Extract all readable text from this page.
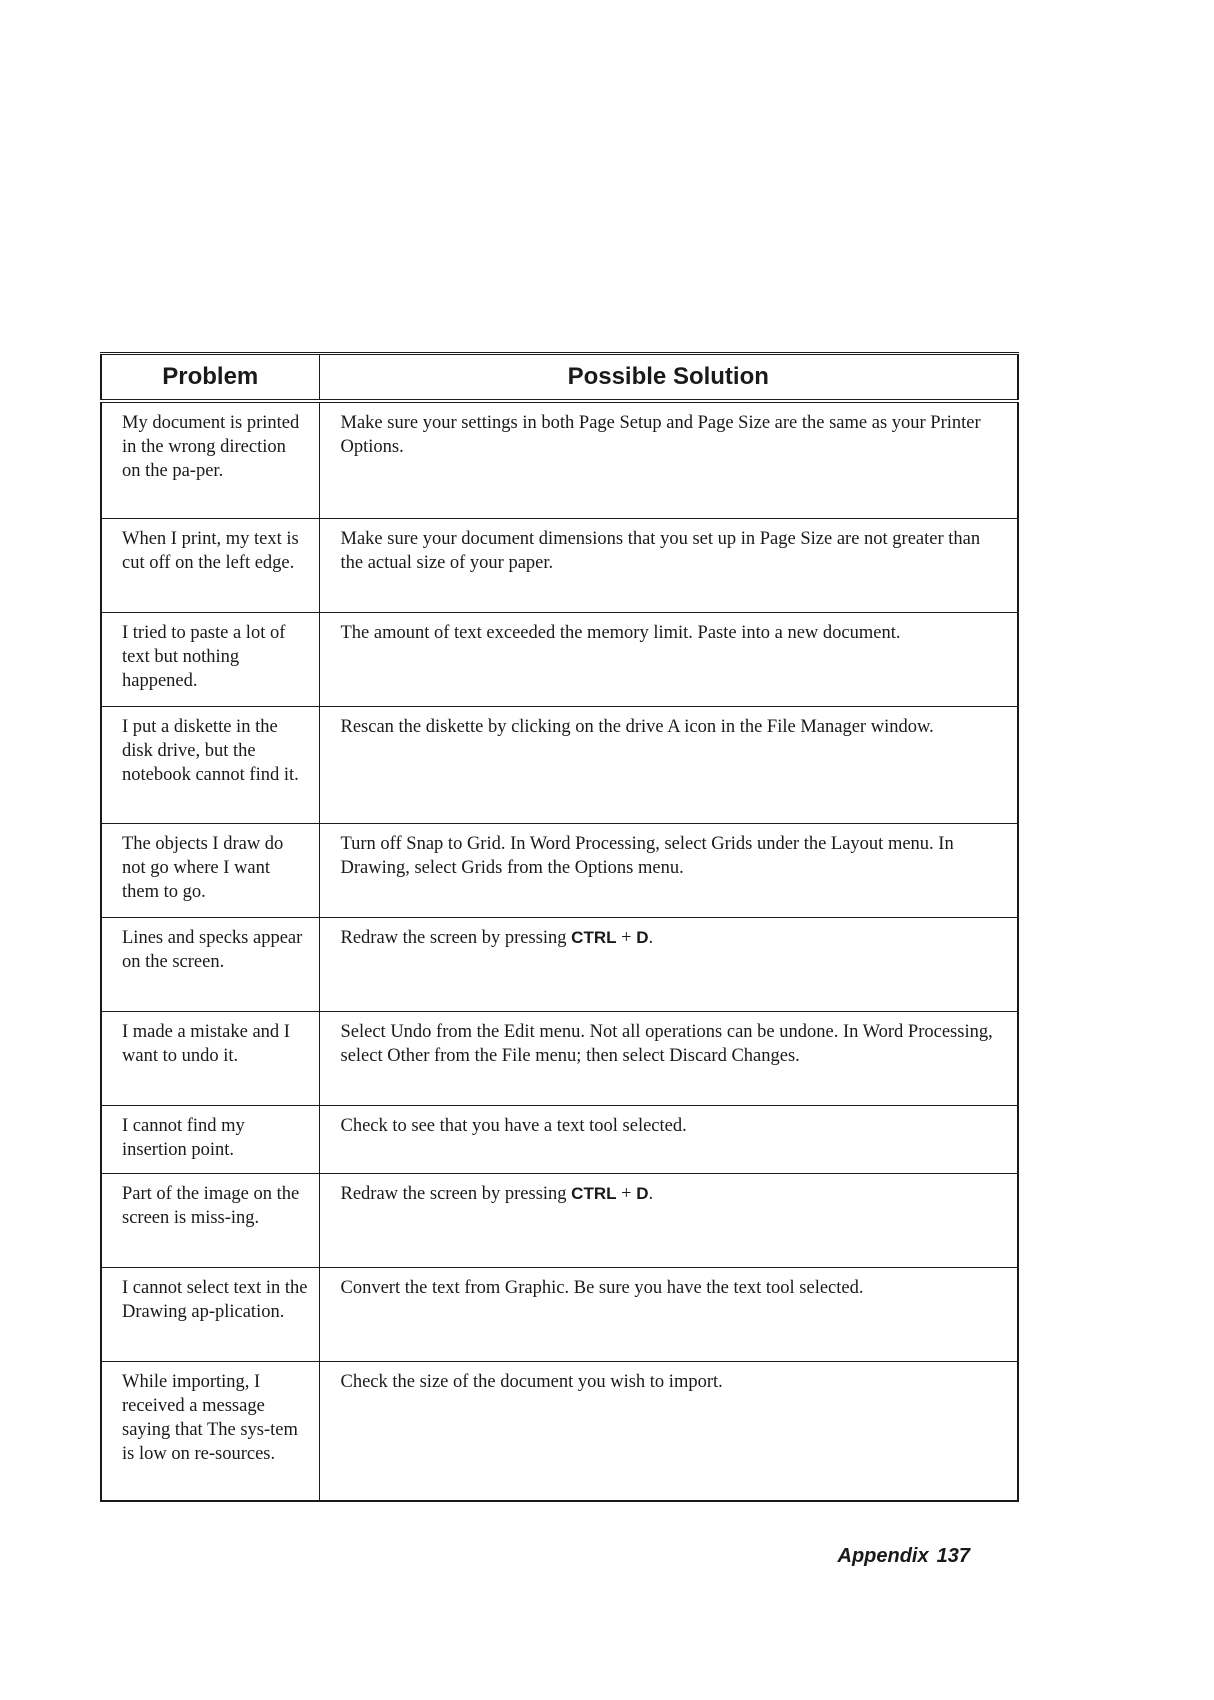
Problem	Possible Solution
My document is printed in the wrong direction on the pa-per.	Make sure your settings in both Page Setup and Page Size are the same as your Printer Options.
When I print, my text is cut off on the left edge.	Make sure your document dimensions that you set up in Page Size are not greater than the actual size of your paper.
I tried to paste a lot of text but nothing happened.	The amount of text exceeded the memory limit. Paste into a new document.
I put a diskette in the disk drive, but the notebook cannot find it.	Rescan the diskette by clicking on the drive A icon in the File Manager window.
The objects I draw do not go where I want them to go.	Turn off Snap to Grid. In Word Processing, select Grids under the Layout menu. In Drawing, select Grids from the Options menu.
Lines and specks appear on the screen.	Redraw the screen by pressing CTRL + D.
I made a mistake and I want to undo it.	Select Undo from the Edit menu. Not all operations can be undone. In Word Processing, select Other from the File menu; then select Discard Changes.
I cannot find my insertion point.	Check to see that you have a text tool selected.
Part of the image on the screen is miss-ing.	Redraw the screen by pressing CTRL + D.
I cannot select text in the Drawing ap-plication.	Convert the text from Graphic. Be sure you have the text tool selected.
While importing, I received a message saying that The sys-tem is low on re-sources.	Check the size of the document you wish to import.
Appendix 137
